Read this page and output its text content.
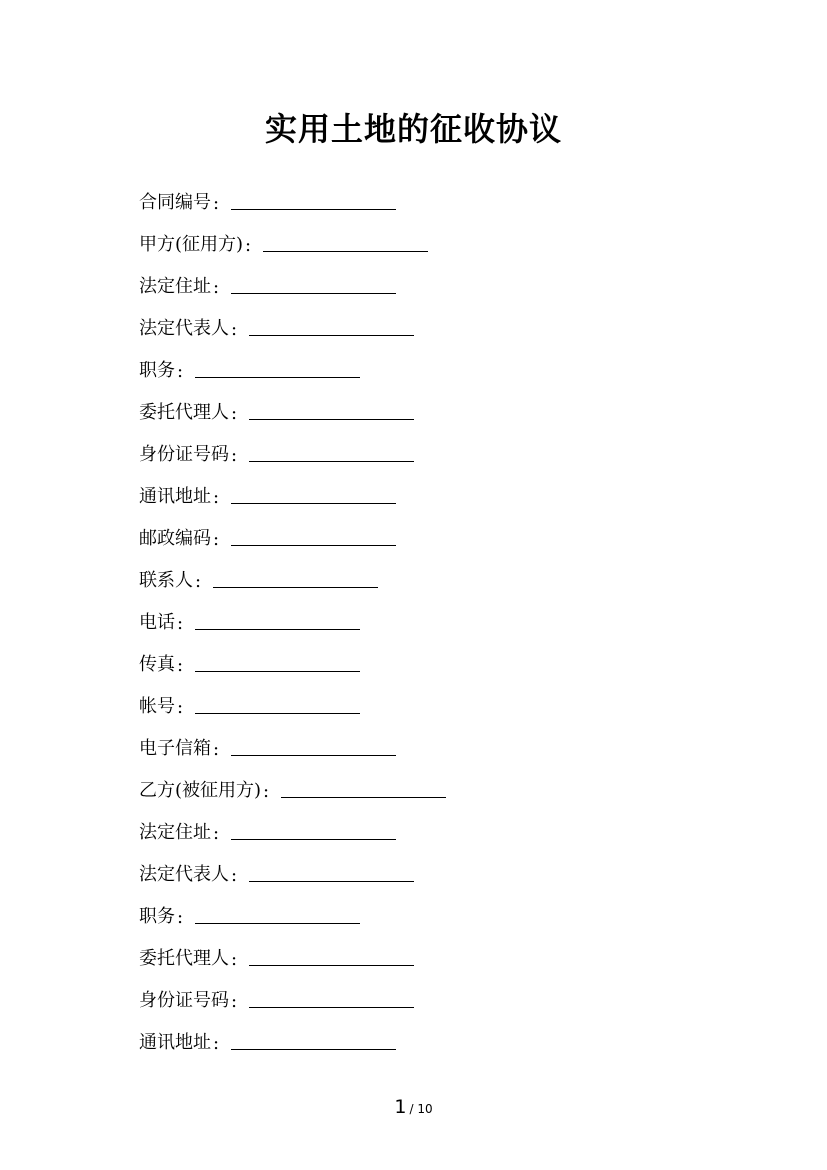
实用土地的征收协议
合同编号 :
甲方(征用方) :
法定住址 :
法定代表人 :
职务 :
委托代理人 :
身份证号码 :
通讯地址 :
邮政编码 :
联系人 :
电话 :
传真 :
帐号 :
电子信箱 :
乙方(被征用方) :
法定住址 :
法定代表人 :
职务 :
委托代理人 :
身份证号码 :
通讯地址 :
1 / 10
